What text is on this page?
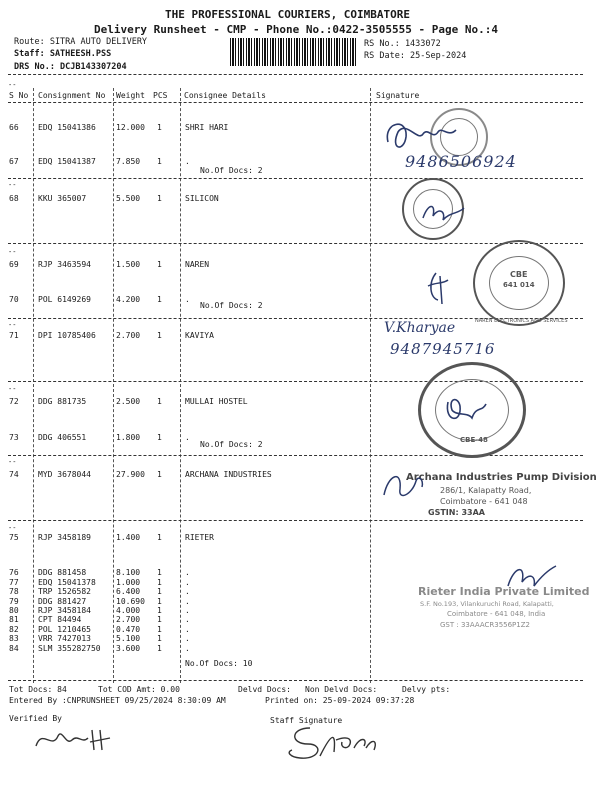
THE PROFESSIONAL COURIERS, COIMBATORE
Delivery Runsheet - CMP - Phone No.:0422-3505555 - Page No.:4
Route: SITRA AUTO DELIVERY
Staff: SATHEESH.PSS
DRS No.: DCJB143307204
RS No.: 1433072
RS Date: 25-Sep-2024
--
S No Consignment No Weight PCS Consignee Details	Signature
--
--
--
--
--
--
66 EDQ 15041386	12.000 1	SHRI HARI
67 EDQ 15041387	7.850 1	.
68 KKU 365007	5.500 1	SILICON
69 RJP 3463594	1.500 1	NAREN
70 POL 6149269	4.200 1	.
71 DPI 10785406	2.700 1	KAVIYA
72 DDG 881735	2.500 1	MULLAI HOSTEL
73 DDG 406551	1.800 1	.
74 MYD 3678044	27.900 1	ARCHANA INDUSTRIES
75 RJP 3458189	1.400 1	RIETER
76 DDG 881458	8.100 1	.
77 EDQ 15041378	1.000 1	.
78 TRP 1526582	6.400 1	.
79 DDG 881427	10.690 1	.
80 RJP 3458184	4.000 1	.
81 CPT 84494	2.700 1	.
82 POL 1210465	0.470 1	.
83 VRR 7427013	5.100 1	.
84 SLM 355282750 3.600 1	.
No.Of Docs: 2
No.Of Docs: 2
No.Of Docs: 2
No.Of Docs: 10
9486506924
NAREN ELECTRONICS AND SERVICES
CBE
641 014
V.Kharyae
9487945716
CBE-48
Archana Industries Pump Division
286/1, Kalapatty Road,
Coimbatore - 641 048
GSTIN: 33AA
Rieter India Private Limited
S.F. No.193, Vilankuruchi Road, Kalapatti,
Coimbatore - 641 048, India
GST : 33AAACR3556P1Z2
Tot Docs: 84	Tot COD Amt: 0.00	Delvd Docs: Non Delvd Docs:	Delvy pts:
Entered By :CNPRUNSHEET 09/25/2024 8:30:09 AM	Printed on: 25-09-2024 09:37:28
Verified By	Staff Signature
